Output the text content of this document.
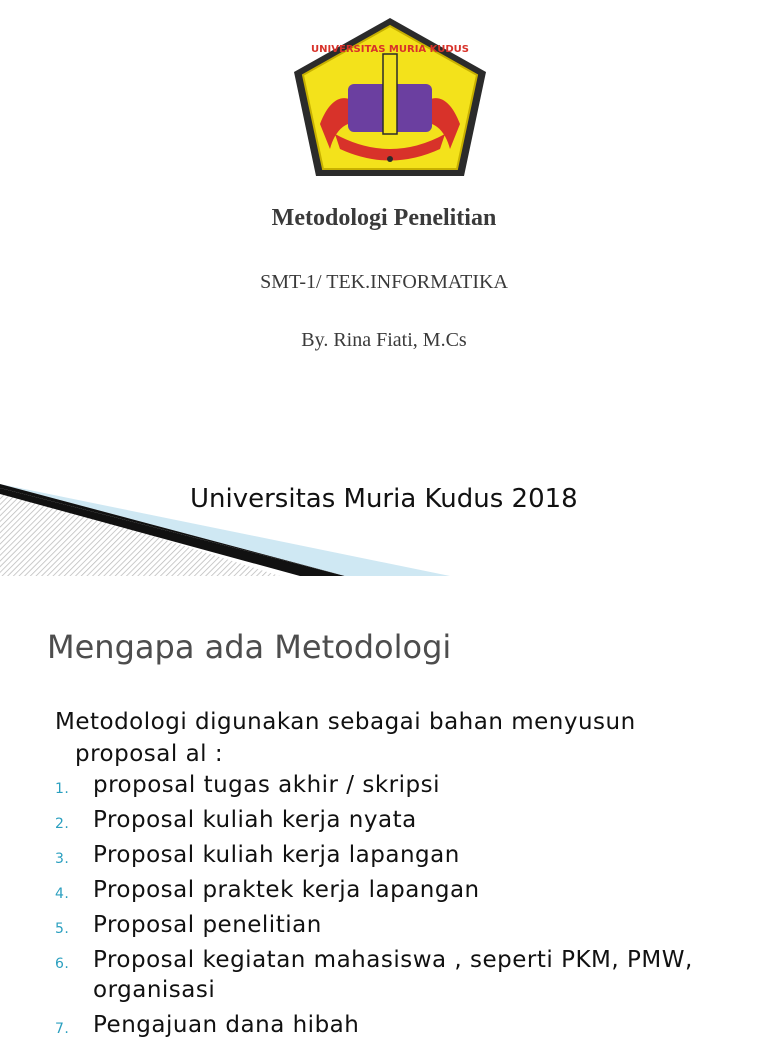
UNIVERSITAS MURIA KUDUS

Metodologi Penelitian

SMT-1/ TEK.INFORMATIKA

By. Rina Fiati, M.Cs

Universitas Muria Kudus 2018

Mengapa ada Metodologi

Metodologi digunakan sebagai bahan menyusun proposal al :

1. proposal tugas akhir / skripsi
2. Proposal kuliah kerja nyata
3. Proposal kuliah kerja lapangan
4. Proposal praktek kerja lapangan
5. Proposal penelitian
6. Proposal kegiatan mahasiswa , seperti PKM, PMW, organisasi
7. Pengajuan dana hibah
